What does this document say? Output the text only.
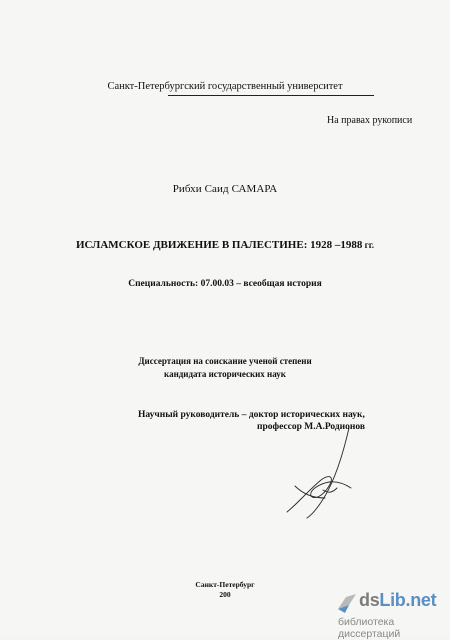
Санкт-Петербургский государственный университет
На правах рукописи
Рибхи Саид САМАРА
ИСЛАМСКОЕ ДВИЖЕНИЕ В ПАЛЕСТИНЕ: 1928 –1988 гг.
Специальность: 07.00.03 – всеобщая история
Диссертация на соискание ученой степени
кандидата исторических наук
Научный руководитель – доктор исторических наук,
профессор М.А.Родионов
Санкт-Петербург
200	dsLib.net
библиотека диссертаций
